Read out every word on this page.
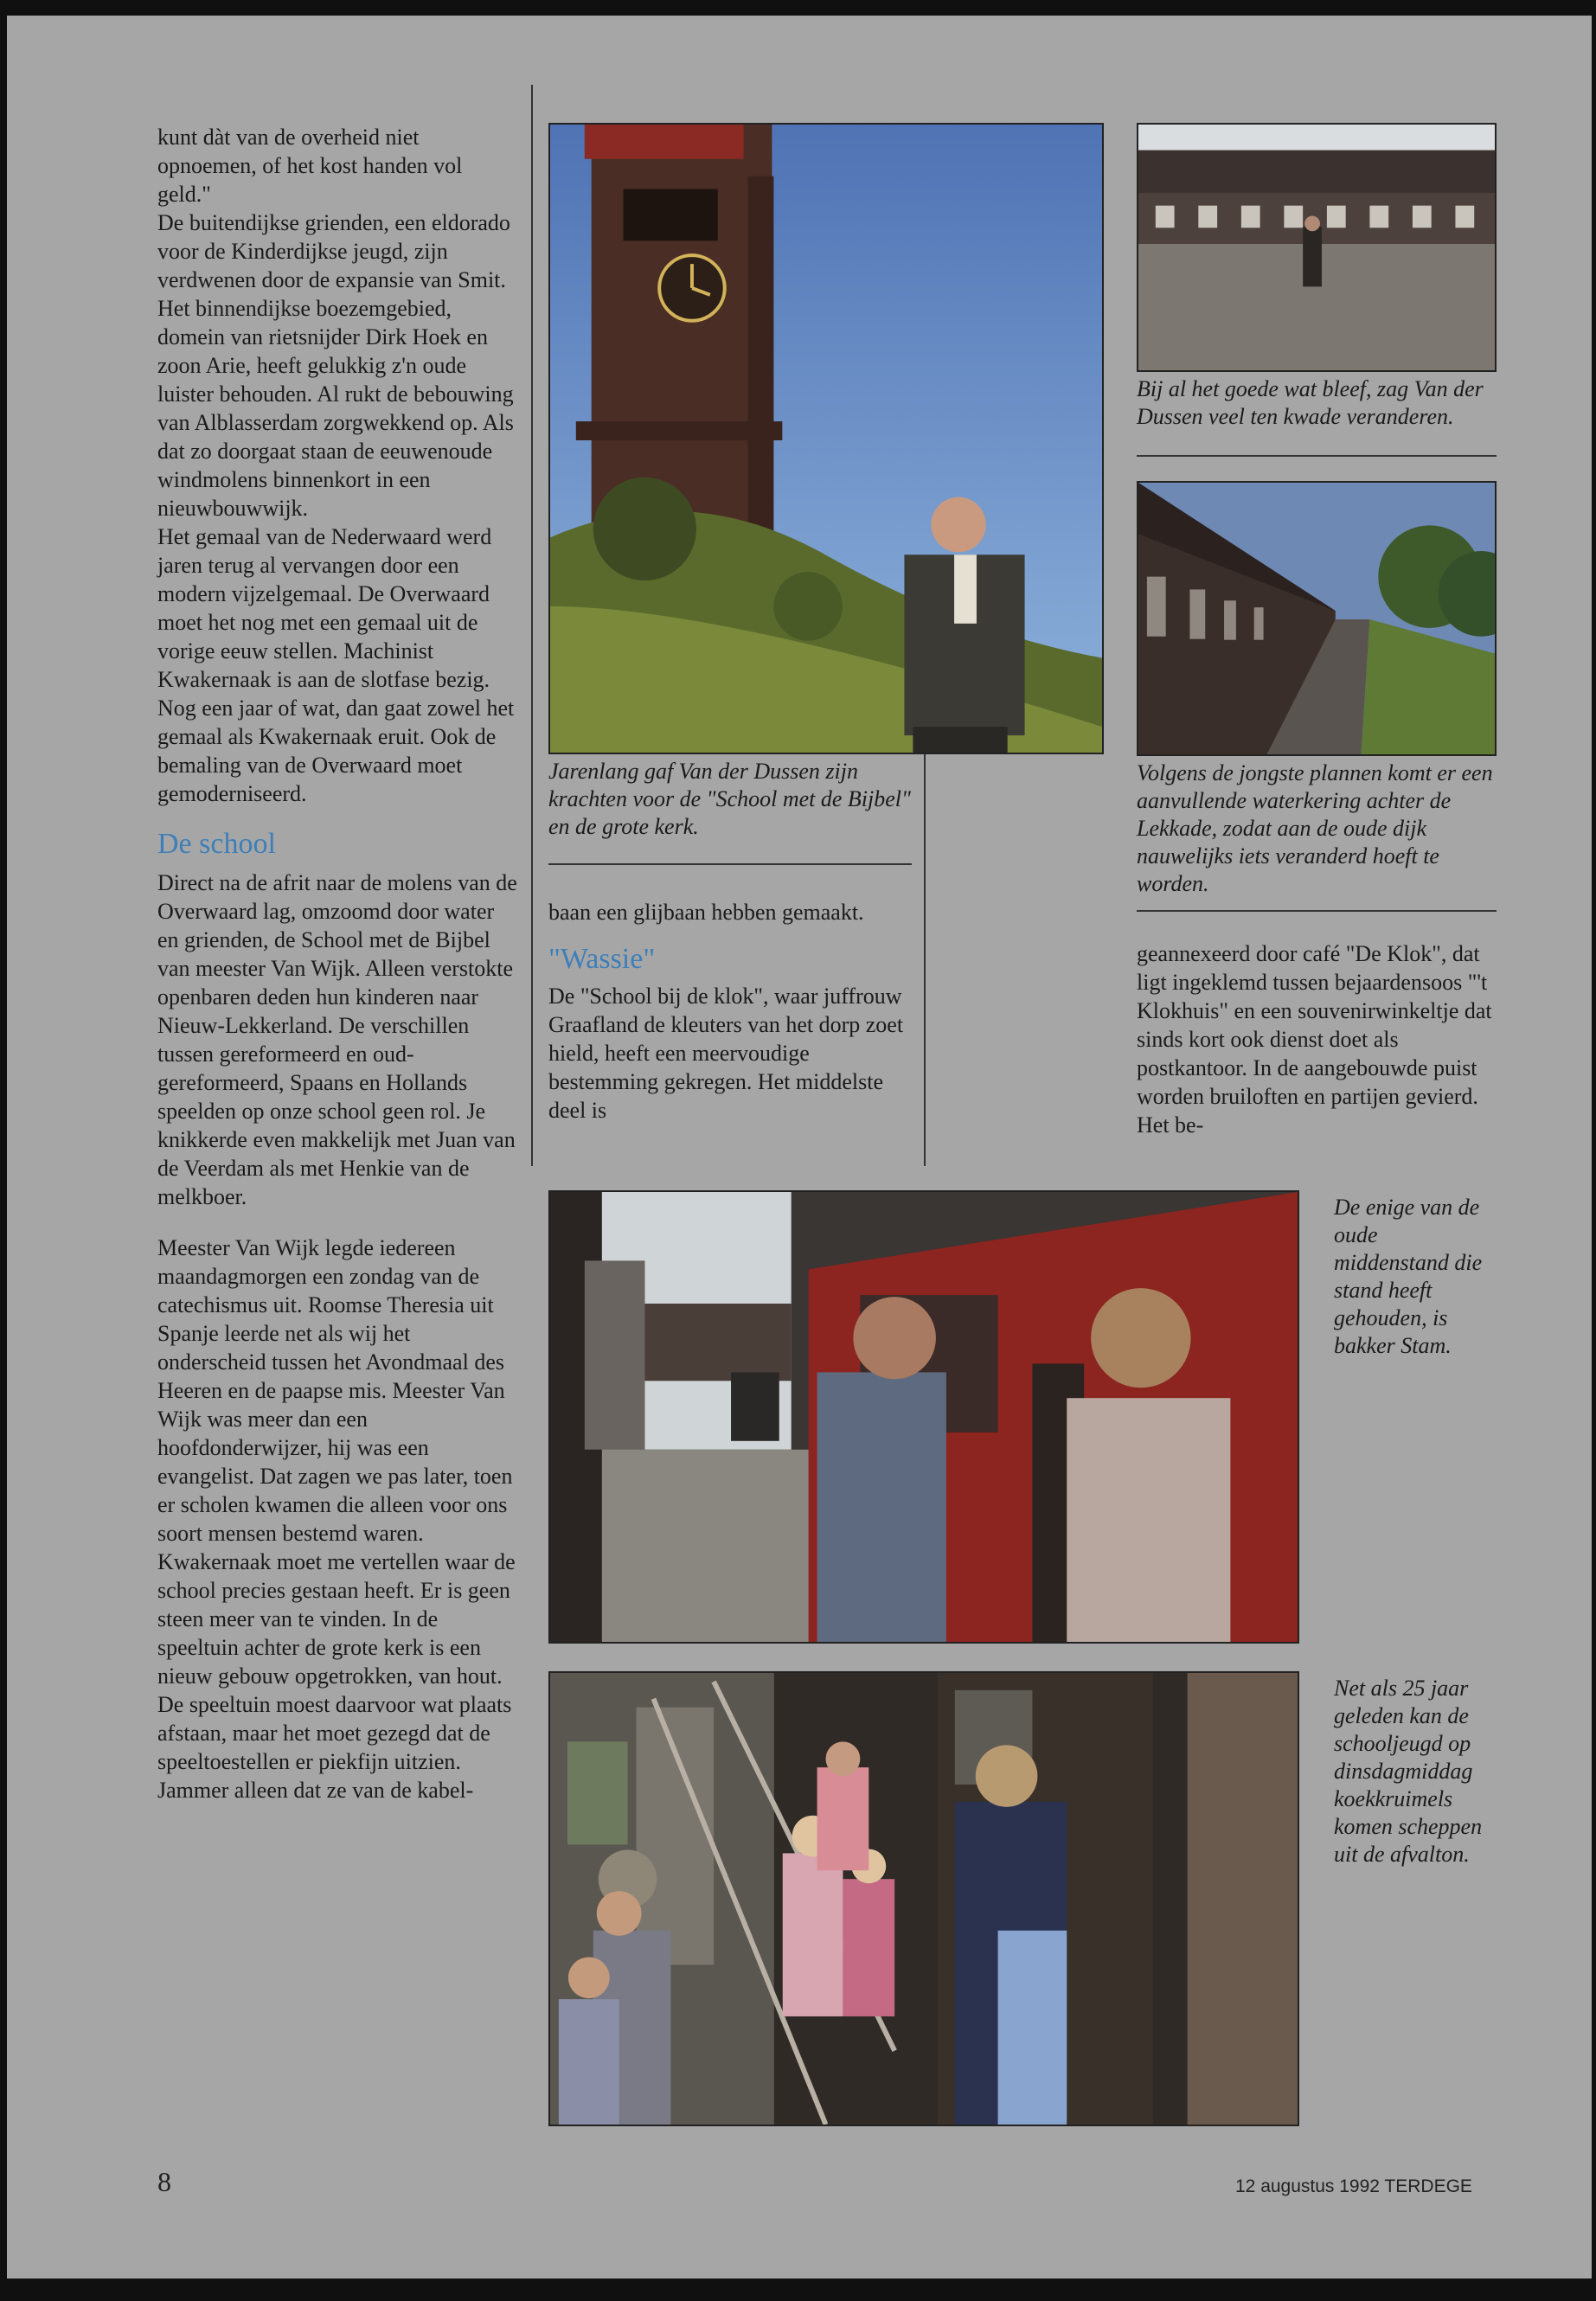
kunt dàt van de overheid niet opnoemen, of het kost handen vol geld."

De buitendijkse grienden, een eldorado voor de Kinderdijkse jeugd, zijn verdwenen door de expansie van Smit. Het binnendijkse boezemgebied, domein van rietsnijder Dirk Hoek en zoon Arie, heeft gelukkig z'n oude luister behouden. Al rukt de bebouwing van Alblasserdam zorgwekkend op. Als dat zo doorgaat staan de eeuwenoude windmolens binnenkort in een nieuwbouwwijk.

Het gemaal van de Nederwaard werd jaren terug al vervangen door een modern vijzelgemaal. De Overwaard moet het nog met een gemaal uit de vorige eeuw stellen. Machinist Kwakernaak is aan de slotfase bezig. Nog een jaar of wat, dan gaat zowel het gemaal als Kwakernaak eruit. Ook de bemaling van de Overwaard moet gemoderniseerd.

De school

Direct na de afrit naar de molens van de Overwaard lag, omzoomd door water en grienden, de School met de Bijbel van meester Van Wijk. Alleen verstokte openbaren deden hun kinderen naar Nieuw-Lekkerland. De verschillen tussen gereformeerd en oud-gereformeerd, Spaans en Hollands speelden op onze school geen rol. Je knikkerde even makkelijk met Juan van de Veerdam als met Henkie van de melkboer.

Meester Van Wijk legde iedereen maandagmorgen een zondag van de catechismus uit. Roomse Theresia uit Spanje leerde net als wij het onderscheid tussen het Avondmaal des Heeren en de paapse mis. Meester Van Wijk was meer dan een hoofdonderwijzer, hij was een evangelist. Dat zagen we pas later, toen er scholen kwamen die alleen voor ons soort mensen bestemd waren. Kwakernaak moet me vertellen waar de school precies gestaan heeft. Er is geen steen meer van te vinden. In de speeltuin achter de grote kerk is een nieuw gebouw opgetrokken, van hout. De speeltuin moest daarvoor wat plaats afstaan, maar het moet gezegd dat de speeltoestellen er piekfijn uitzien. Jammer alleen dat ze van de kabel-

Jarenlang gaf Van der Dussen zijn krachten voor de "School met de Bijbel" en de grote kerk.

baan een glijbaan hebben gemaakt.

"Wassie"

De "School bij de klok", waar juffrouw Graafland de kleuters van het dorp zoet hield, heeft een meervoudige bestemming gekregen. Het middelste deel is

Bij al het goede wat bleef, zag Van der Dussen veel ten kwade veranderen.
Volgens de jongste plannen komt er een aanvullende waterkering achter de Lekkade, zodat aan de oude dijk nauwelijks iets veranderd hoeft te worden.

geannexeerd door café "De Klok", dat ligt ingeklemd tussen bejaardensoos "'t Klokhuis" en een souvenirwinkeltje dat sinds kort ook dienst doet als postkantoor. In de aangebouwde puist worden bruiloften en partijen gevierd. Het be-

De enige van de oude middenstand die stand heeft gehouden, is bakker Stam.
Net als 25 jaar geleden kan de schooljeugd op dinsdagmiddag koekkruimels komen scheppen uit de afvalton.
8	12 augustus 1992 TERDEGE
